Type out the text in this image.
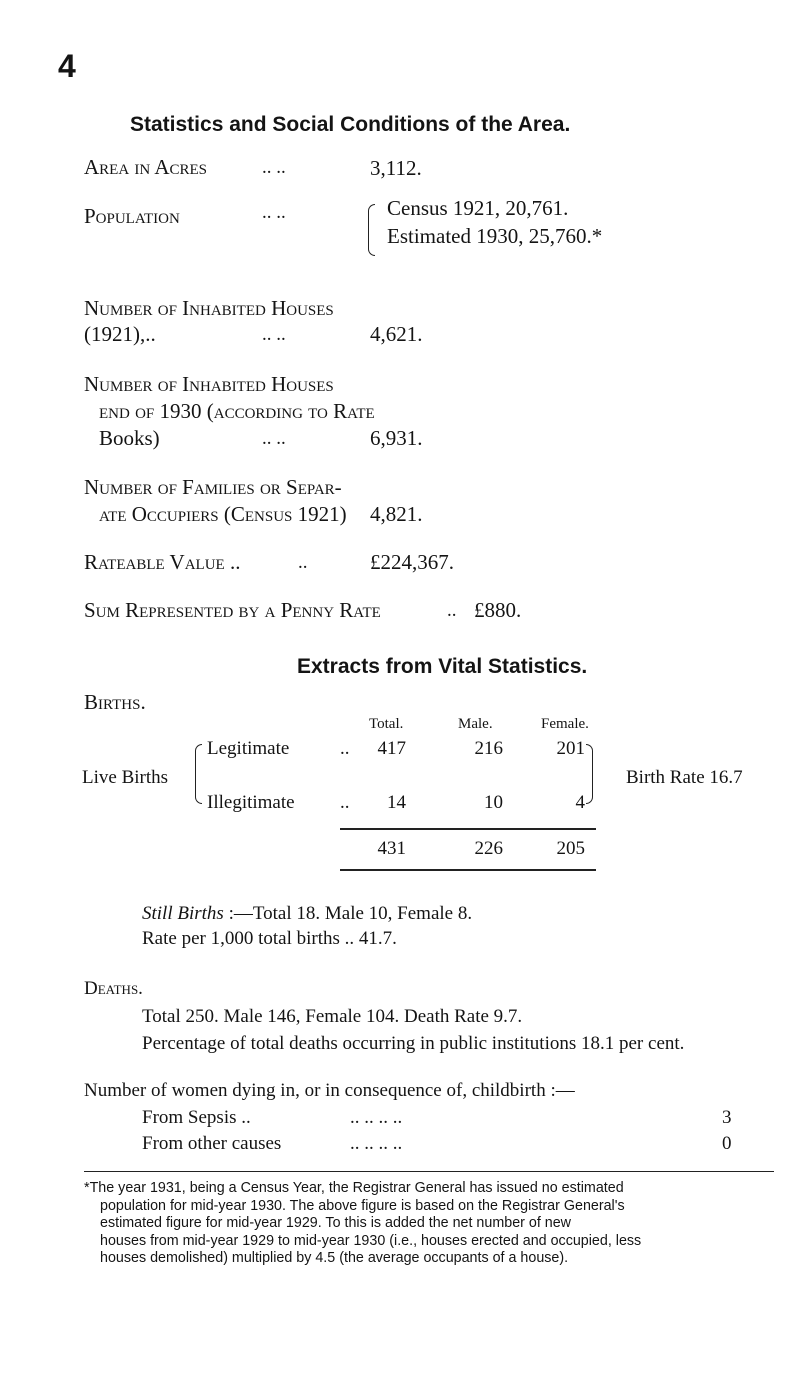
4
Statistics and Social Conditions of the Area.
Area in Acres	.. ..	3,112.
Population	.. ..	Census 1921, 20,761.
Estimated 1930, 25,760.*
Number of Inhabited Houses
(1921),..	.. ..	4,621.
Number of Inhabited Houses
end of 1930 (according to Rate
Books)	.. ..	6,931.
Number of Families or Separ-
ate Occupiers (Census 1921) 4,821.
Rateable Value ..	..	£224,367.
Sum Represented by a Penny Rate	.. £880.
Extracts from Vital Statistics.
Births.
Total.	Male.	Female.
Live Births
Legitimate	..	417	216	201
Illegitimate ..	14	10	4
Birth Rate 16.7
431	226	205
Still Births :—Total 18. Male 10, Female 8.
Rate per 1,000 total births .. 41.7.
Deaths.
Total 250. Male 146, Female 104. Death Rate 9.7.
Percentage of total deaths occurring in public institutions 18.1 per cent.
Number of women dying in, or in consequence of, childbirth :—
From Sepsis ..	.. .. .. ..	3
From other causes	.. .. .. ..	0
*The year 1931, being a Census Year, the Registrar General has issued no estimated
population for mid-year 1930. The above figure is based on the Registrar General's
estimated figure for mid-year 1929. To this is added the net number of new
houses from mid-year 1929 to mid-year 1930 (i.e., houses erected and occupied, less
houses demolished) multiplied by 4.5 (the average occupants of a house).
